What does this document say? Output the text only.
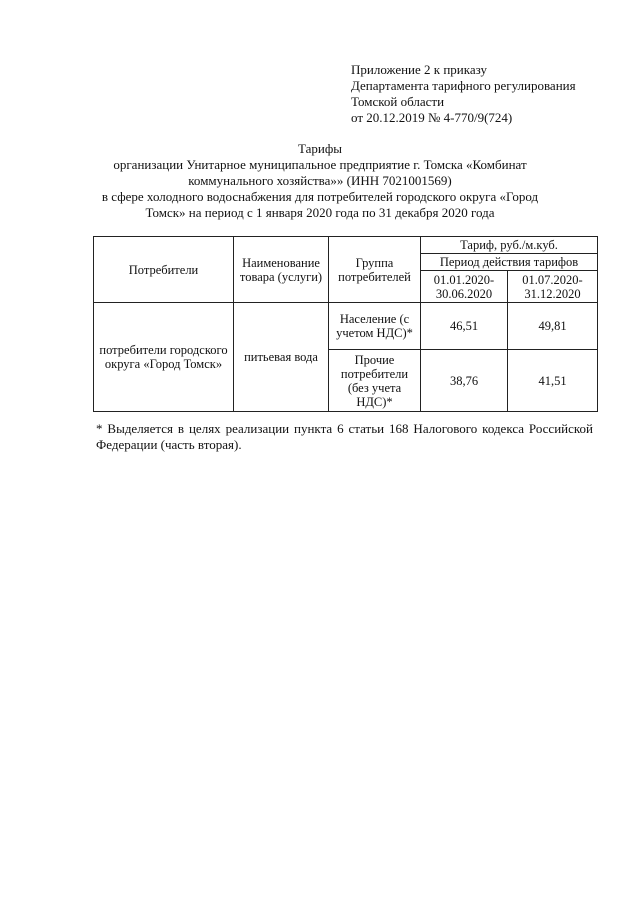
Приложение 2 к приказу
Департамента тарифного регулирования
Томской области
от 20.12.2019 № 4-770/9(724)
Тарифы
организации Унитарное муниципальное предприятие г. Томска «Комбинат
коммунального хозяйства»» (ИНН 7021001569)
в сфере холодного водоснабжения для потребителей городского округа «Город
Томск» на период с 1 января 2020 года по 31 декабря 2020 года
Потребители	Наименование товара (услуги)	Группа потребителей	Тариф, руб./м.куб.	
			Период действия тарифов	
			01.01.2020-30.06.2020	01.07.2020-31.12.2020
потребители городского округа «Город Томск»	питьевая вода	Население (с учетом НДС)*	46,51	49,81
		Прочие потребители (без учета НДС)*	38,76	41,51
* Выделяется в целях реализации пункта 6 статьи 168 Налогового кодекса Российской Федерации (часть вторая).
